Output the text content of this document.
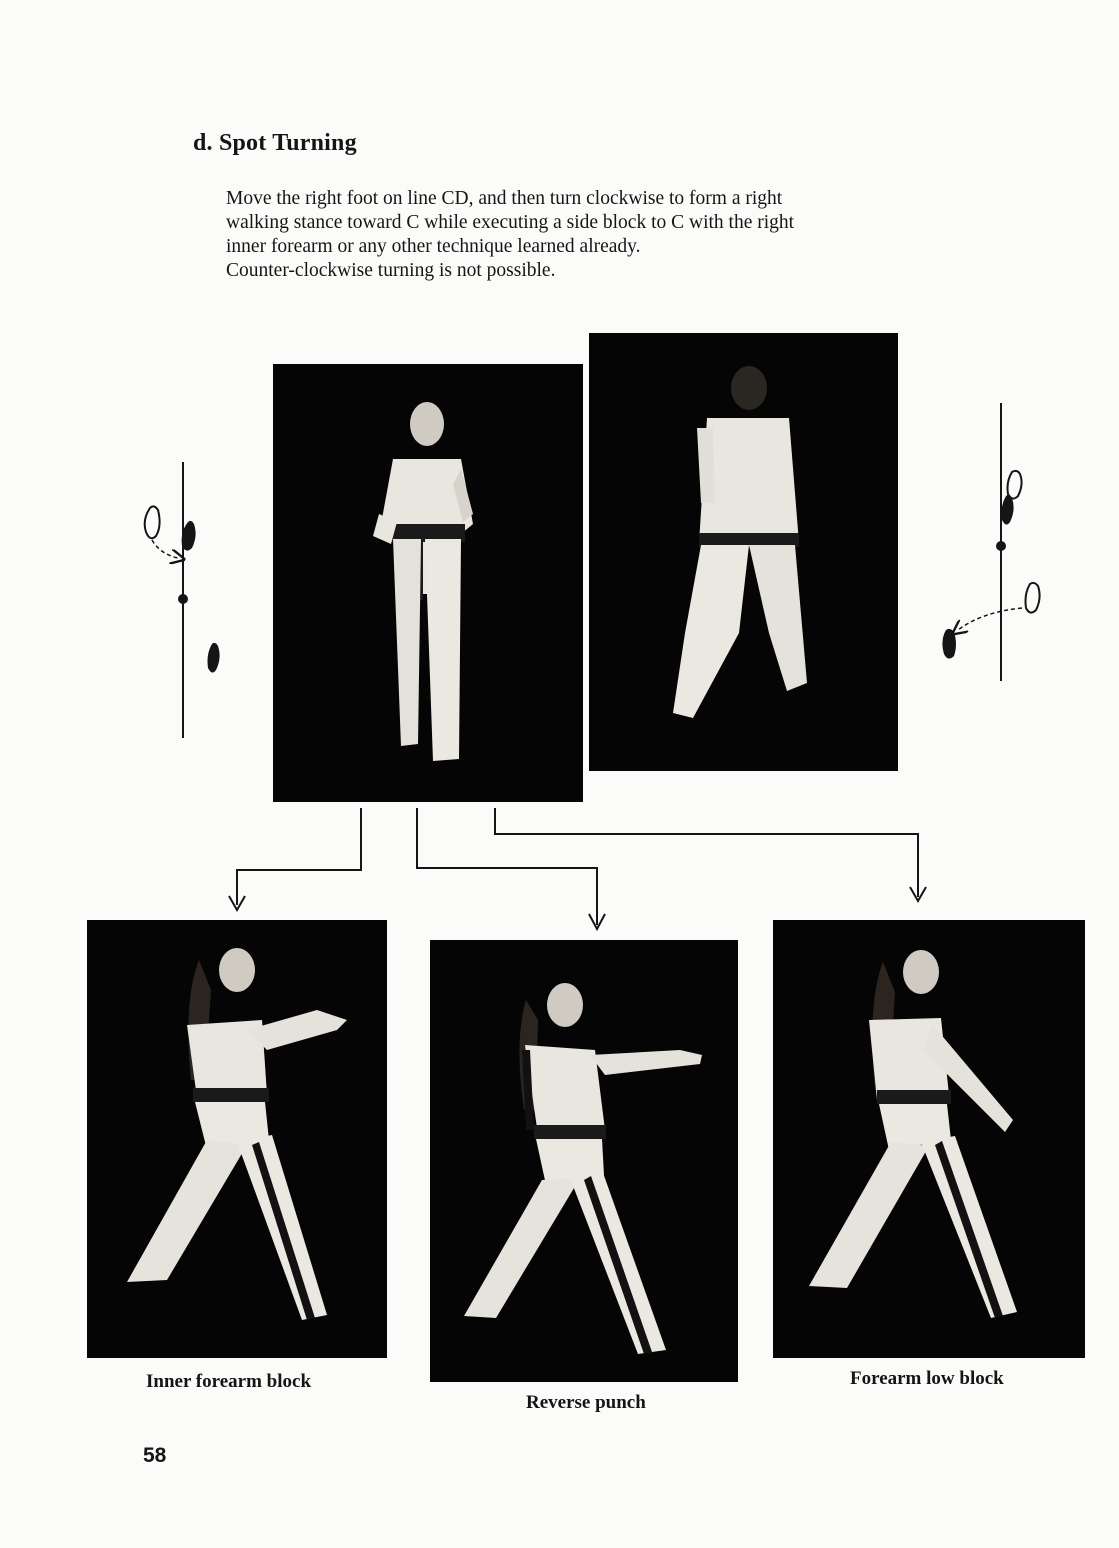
d. Spot Turning
Move the right foot on line CD, and then turn clockwise to form a right
walking stance toward C while executing a side block to C with the right
inner forearm or any other technique learned already.
Counter-clockwise turning is not possible.
Inner forearm block
Reverse punch
Forearm low block
58
